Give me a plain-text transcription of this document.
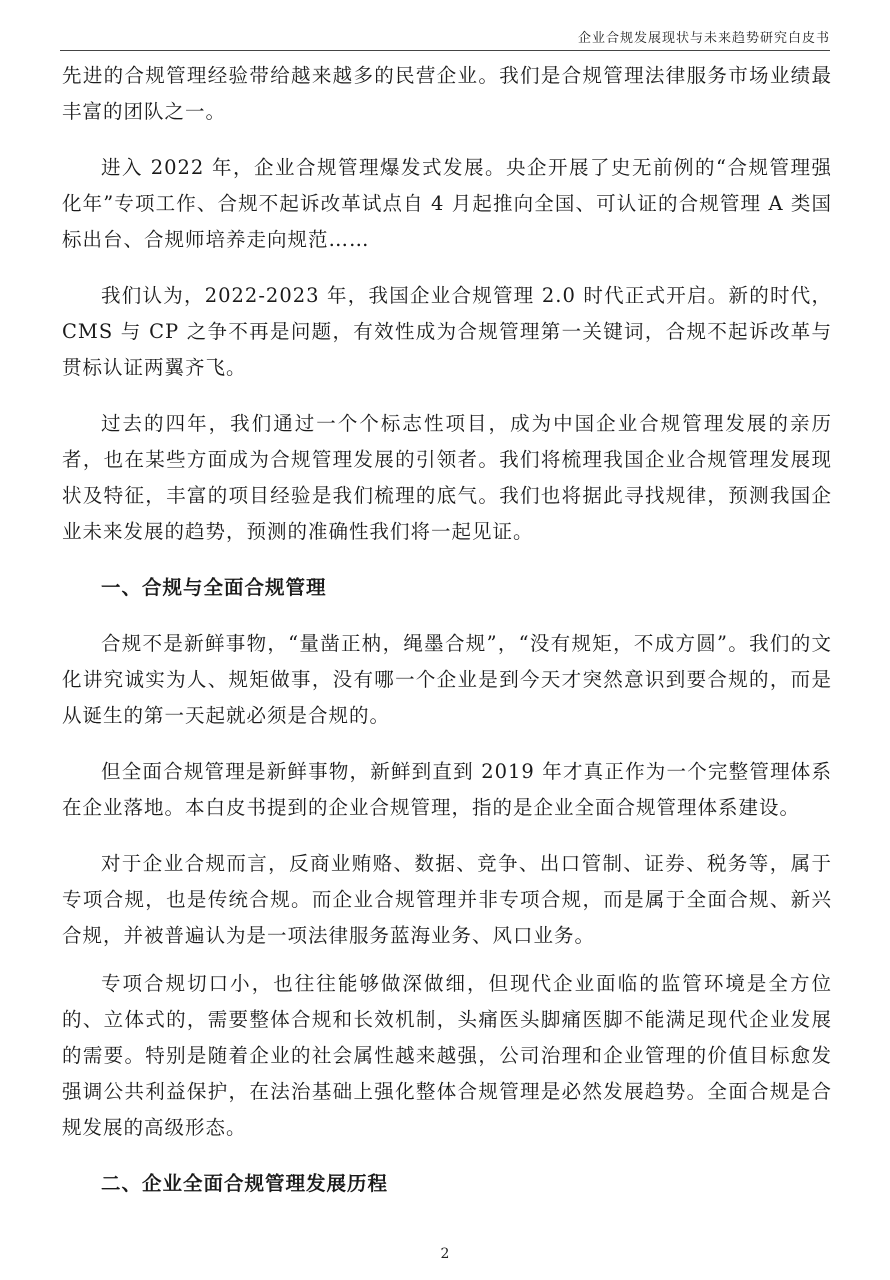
企业合规发展现状与未来趋势研究白皮书

先进的合规管理经验带给越来越多的民营企业。我们是合规管理法律服务市场业绩最丰富的团队之一。

进入 2022 年，企业合规管理爆发式发展。央企开展了史无前例的“合规管理强化年”专项工作、合规不起诉改革试点自 4 月起推向全国、可认证的合规管理 A 类国标出台、合规师培养走向规范……

我们认为，2022-2023 年，我国企业合规管理 2.0 时代正式开启。新的时代，CMS 与 CP 之争不再是问题，有效性成为合规管理第一关键词，合规不起诉改革与贯标认证两翼齐飞。

过去的四年，我们通过一个个标志性项目，成为中国企业合规管理发展的亲历者，也在某些方面成为合规管理发展的引领者。我们将梳理我国企业合规管理发展现状及特征，丰富的项目经验是我们梳理的底气。我们也将据此寻找规律，预测我国企业未来发展的趋势，预测的准确性我们将一起见证。

一、合规与全面合规管理

合规不是新鲜事物，“量凿正枘，绳墨合规”，“没有规矩，不成方圆”。我们的文化讲究诚实为人、规矩做事，没有哪一个企业是到今天才突然意识到要合规的，而是从诞生的第一天起就必须是合规的。

但全面合规管理是新鲜事物，新鲜到直到 2019 年才真正作为一个完整管理体系在企业落地。本白皮书提到的企业合规管理，指的是企业全面合规管理体系建设。

对于企业合规而言，反商业贿赂、数据、竞争、出口管制、证券、税务等，属于专项合规，也是传统合规。而企业合规管理并非专项合规，而是属于全面合规、新兴合规，并被普遍认为是一项法律服务蓝海业务、风口业务。

专项合规切口小，也往往能够做深做细，但现代企业面临的监管环境是全方位的、立体式的，需要整体合规和长效机制，头痛医头脚痛医脚不能满足现代企业发展的需要。特别是随着企业的社会属性越来越强，公司治理和企业管理的价值目标愈发强调公共利益保护，在法治基础上强化整体合规管理是必然发展趋势。全面合规是合规发展的高级形态。

二、企业全面合规管理发展历程
2
